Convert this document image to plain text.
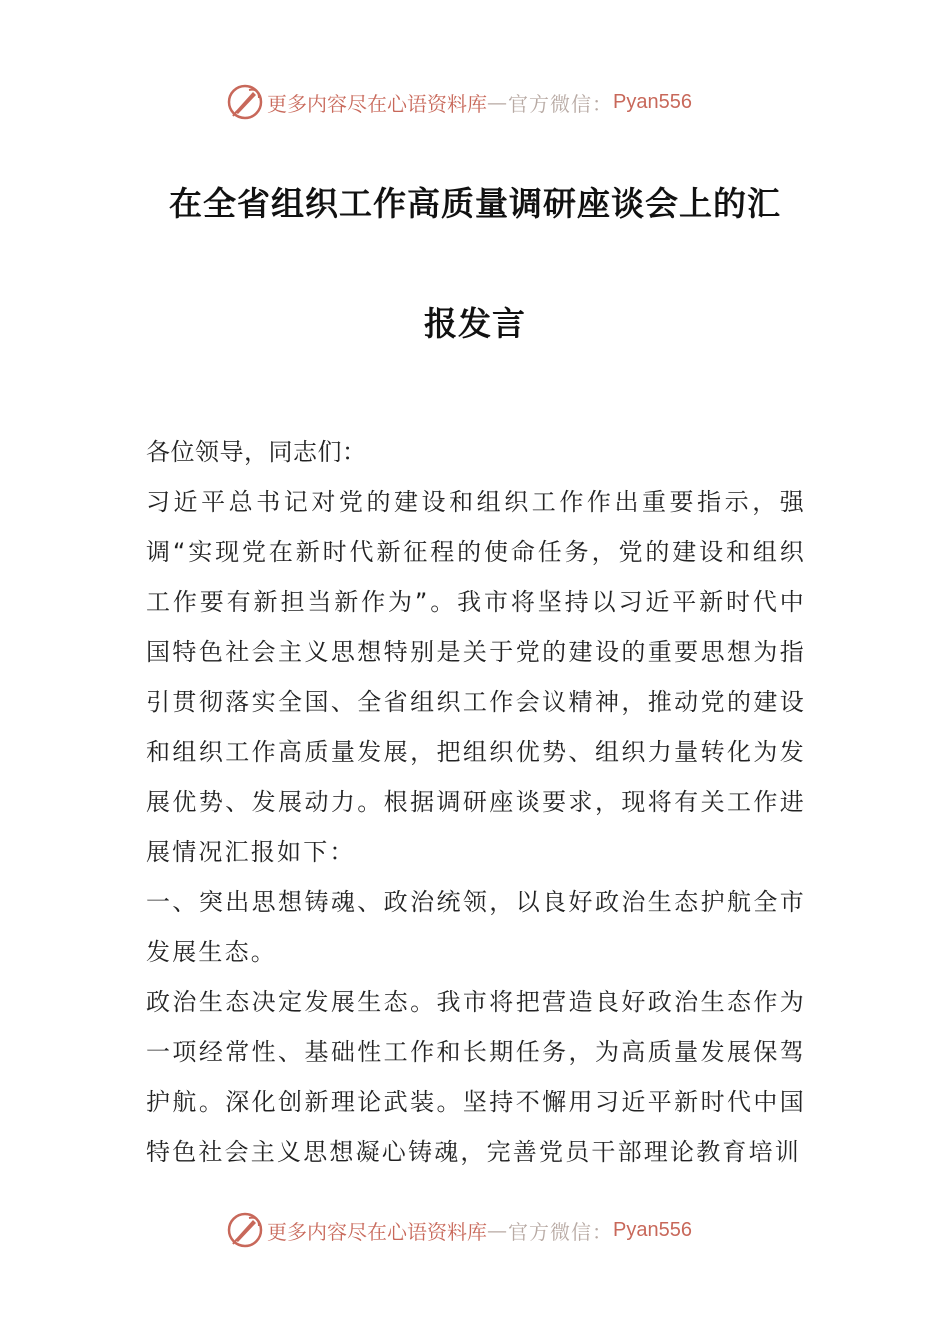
更多内容尽在心语资料库 — 官方微信： Pyan556
在全省组织工作高质量调研座谈会上的汇
报发言

各位领导，同志们：

习近平总书记对党的建设和组织工作作出重要指示，强调“实现党在新时代新征程的使命任务，党的建设和组织工作要有新担当新作为”。我市将坚持以习近平新时代中国特色社会主义思想特别是关于党的建设的重要思想为指引贯彻落实全国、全省组织工作会议精神，推动党的建设和组织工作高质量发展，把组织优势、组织力量转化为发展优势、发展动力。根据调研座谈要求，现将有关工作进展情况汇报如下：

一、突出思想铸魂、政治统领，以良好政治生态护航全市发展生态。

政治生态决定发展生态。我市将把营造良好政治生态作为一项经常性、基础性工作和长期任务，为高质量发展保驾护航。深化创新理论武装。坚持不懈用习近平新时代中国特色社会主义思想凝心铸魂，完善党员干部理论教育培训

更多内容尽在心语资料库 — 官方微信： Pyan556
